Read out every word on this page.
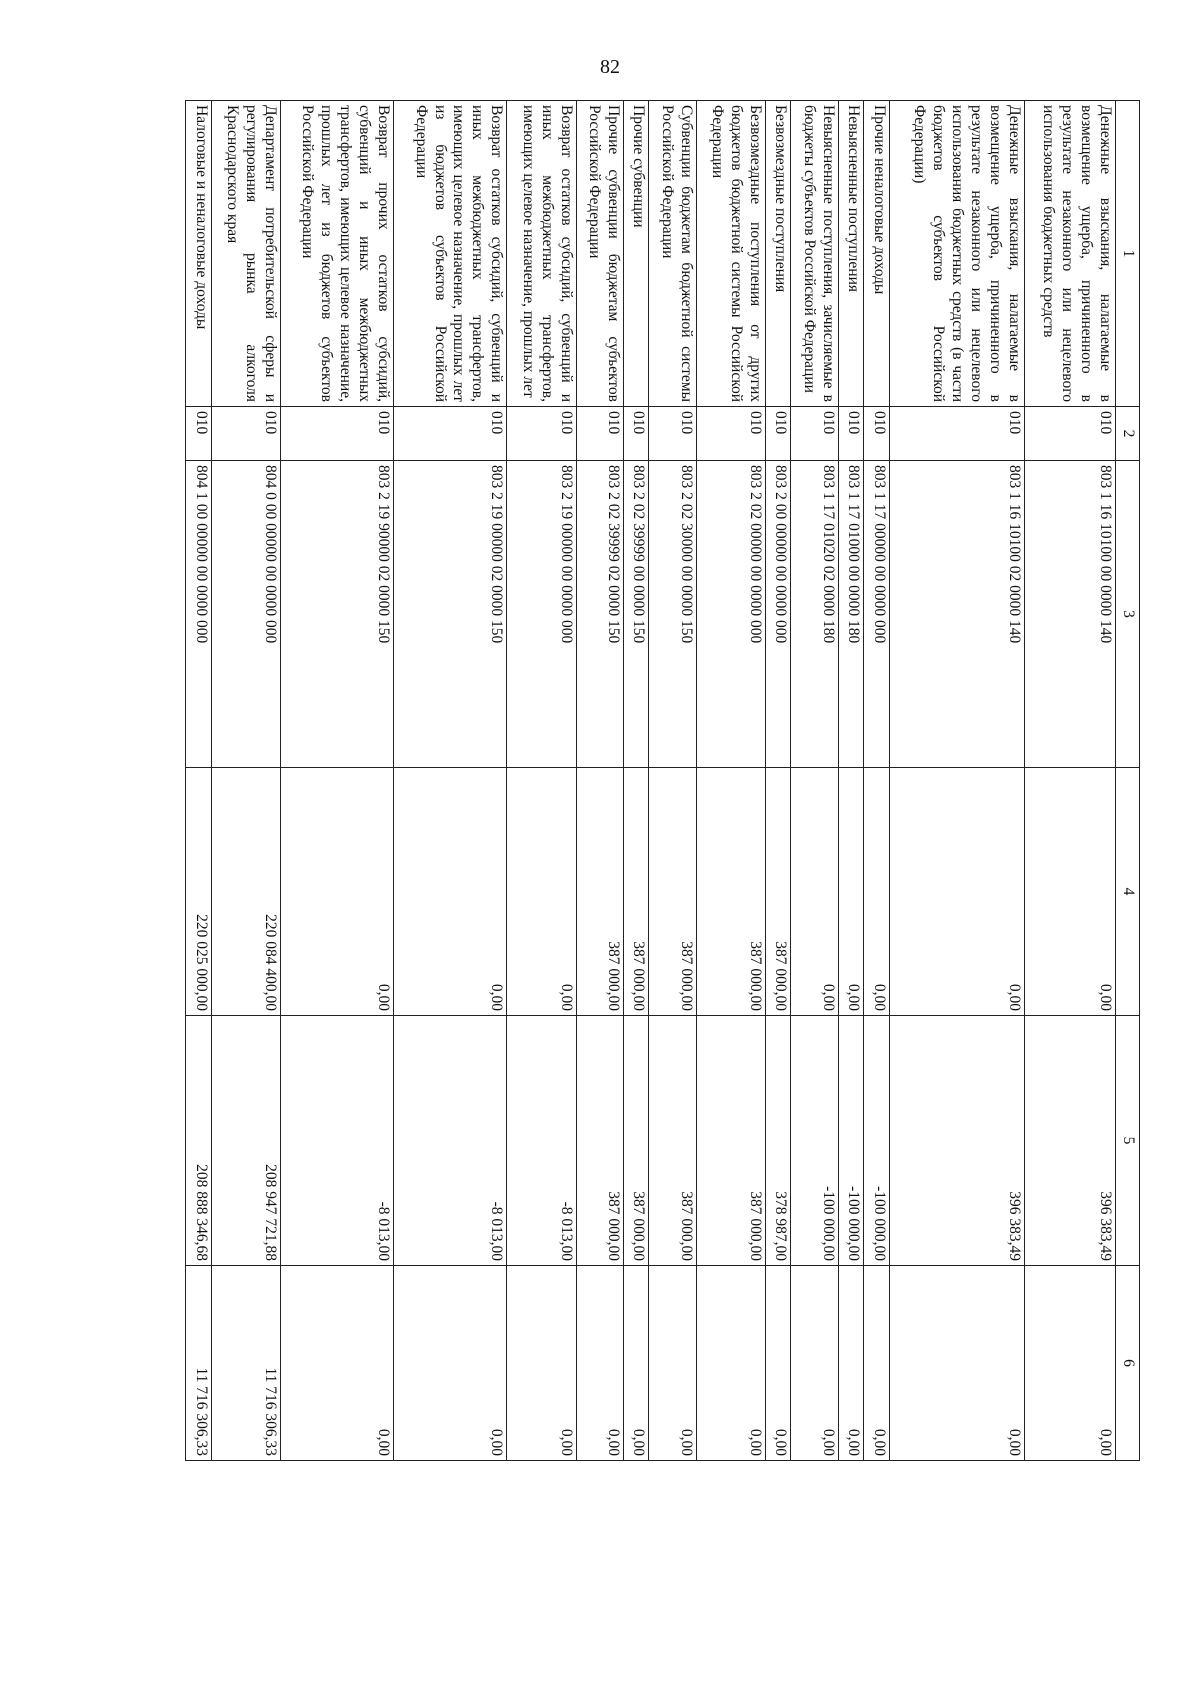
82
1	2	3	4	5	6
Денежные взыскания, налагаемые в возмещение ущерба, причиненного в результате незаконного или нецелевого использования бюджетных средств	010	803 1 16 10100 00 0000 140	0,00	396 383,49	0,00
Денежные взыскания, налагаемые в возмещение ущерба, причиненного в результате незаконного или нецелевого использования бюджетных средств (в части бюджетов субъектов Российской Федерации)	010	803 1 16 10100 02 0000 140	0,00	396 383,49	0,00
Прочие неналоговые доходы	010	803 1 17 00000 00 0000 000	0,00	-100 000,00	0,00
Невыясненные поступления	010	803 1 17 01000 00 0000 180	0,00	-100 000,00	0,00
Невыясненные поступления, зачисляемые в бюджеты субъектов Российской Федерации	010	803 1 17 01020 02 0000 180	0,00	-100 000,00	0,00
Безвозмездные поступления	010	803 2 00 00000 00 0000 000	387 000,00	378 987,00	0,00
Безвозмездные поступления от других бюджетов бюджетной системы Российской Федерации	010	803 2 02 00000 00 0000 000	387 000,00	387 000,00	0,00
Субвенции бюджетам бюджетной системы Российской Федерации	010	803 2 02 30000 00 0000 150	387 000,00	387 000,00	0,00
Прочие субвенции	010	803 2 02 39999 00 0000 150	387 000,00	387 000,00	0,00
Прочие субвенции бюджетам субъектов Российской Федерации	010	803 2 02 39999 02 0000 150	387 000,00	387 000,00	0,00
Возврат остатков субсидий, субвенций и иных межбюджетных трансфертов, имеющих целевое назначение, прошлых лет	010	803 2 19 00000 00 0000 000	0,00	-8 013,00	0,00
Возврат остатков субсидий, субвенций и иных межбюджетных трансфертов, имеющих целевое назначение, прошлых лет из бюджетов субъектов Российской Федерации	010	803 2 19 00000 02 0000 150	0,00	-8 013,00	0,00
Возврат прочих остатков субсидий, субвенций и иных межбюджетных трансфертов, имеющих целевое назначение, прошлых лет из бюджетов субъектов Российской Федерации	010	803 2 19 90000 02 0000 150	0,00	-8 013,00	0,00
Департамент потребительской сферы и регулирования рынка алкоголя Краснодарского края	010	804 0 00 00000 00 0000 000	220 084 400,00	208 947 721,88	11 716 306,33
Налоговые и неналоговые доходы	010	804 1 00 00000 00 0000 000	220 025 000,00	208 888 346,68	11 716 306,33
